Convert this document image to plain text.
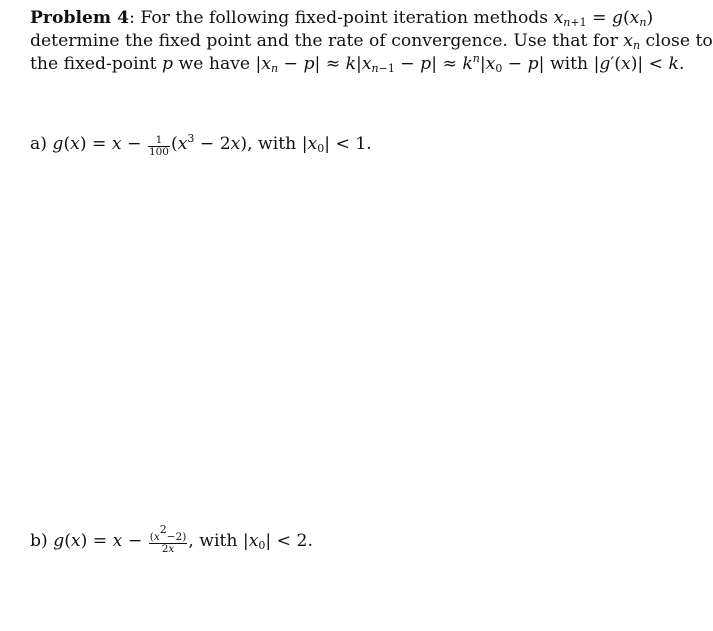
Problem 4: For the following fixed-point iteration methods $x_{n+1} = g(x_n)$
determine the fixed point and the rate of convergence. Use that for $x_n$ close to
the fixed-point p we have $|x_n - p| \approx k|x_{n-1} - p| \approx k^n|x_0 - p|$ with |g′(x)| < k.
a) $g(x) = x - \frac{1}{100} (x^3 - 2x)$, with $|x_0| < 1$.
b) $g(x) = x - \frac{(x^2-2)}{2x}$ , with $|x_0| < 2$.
